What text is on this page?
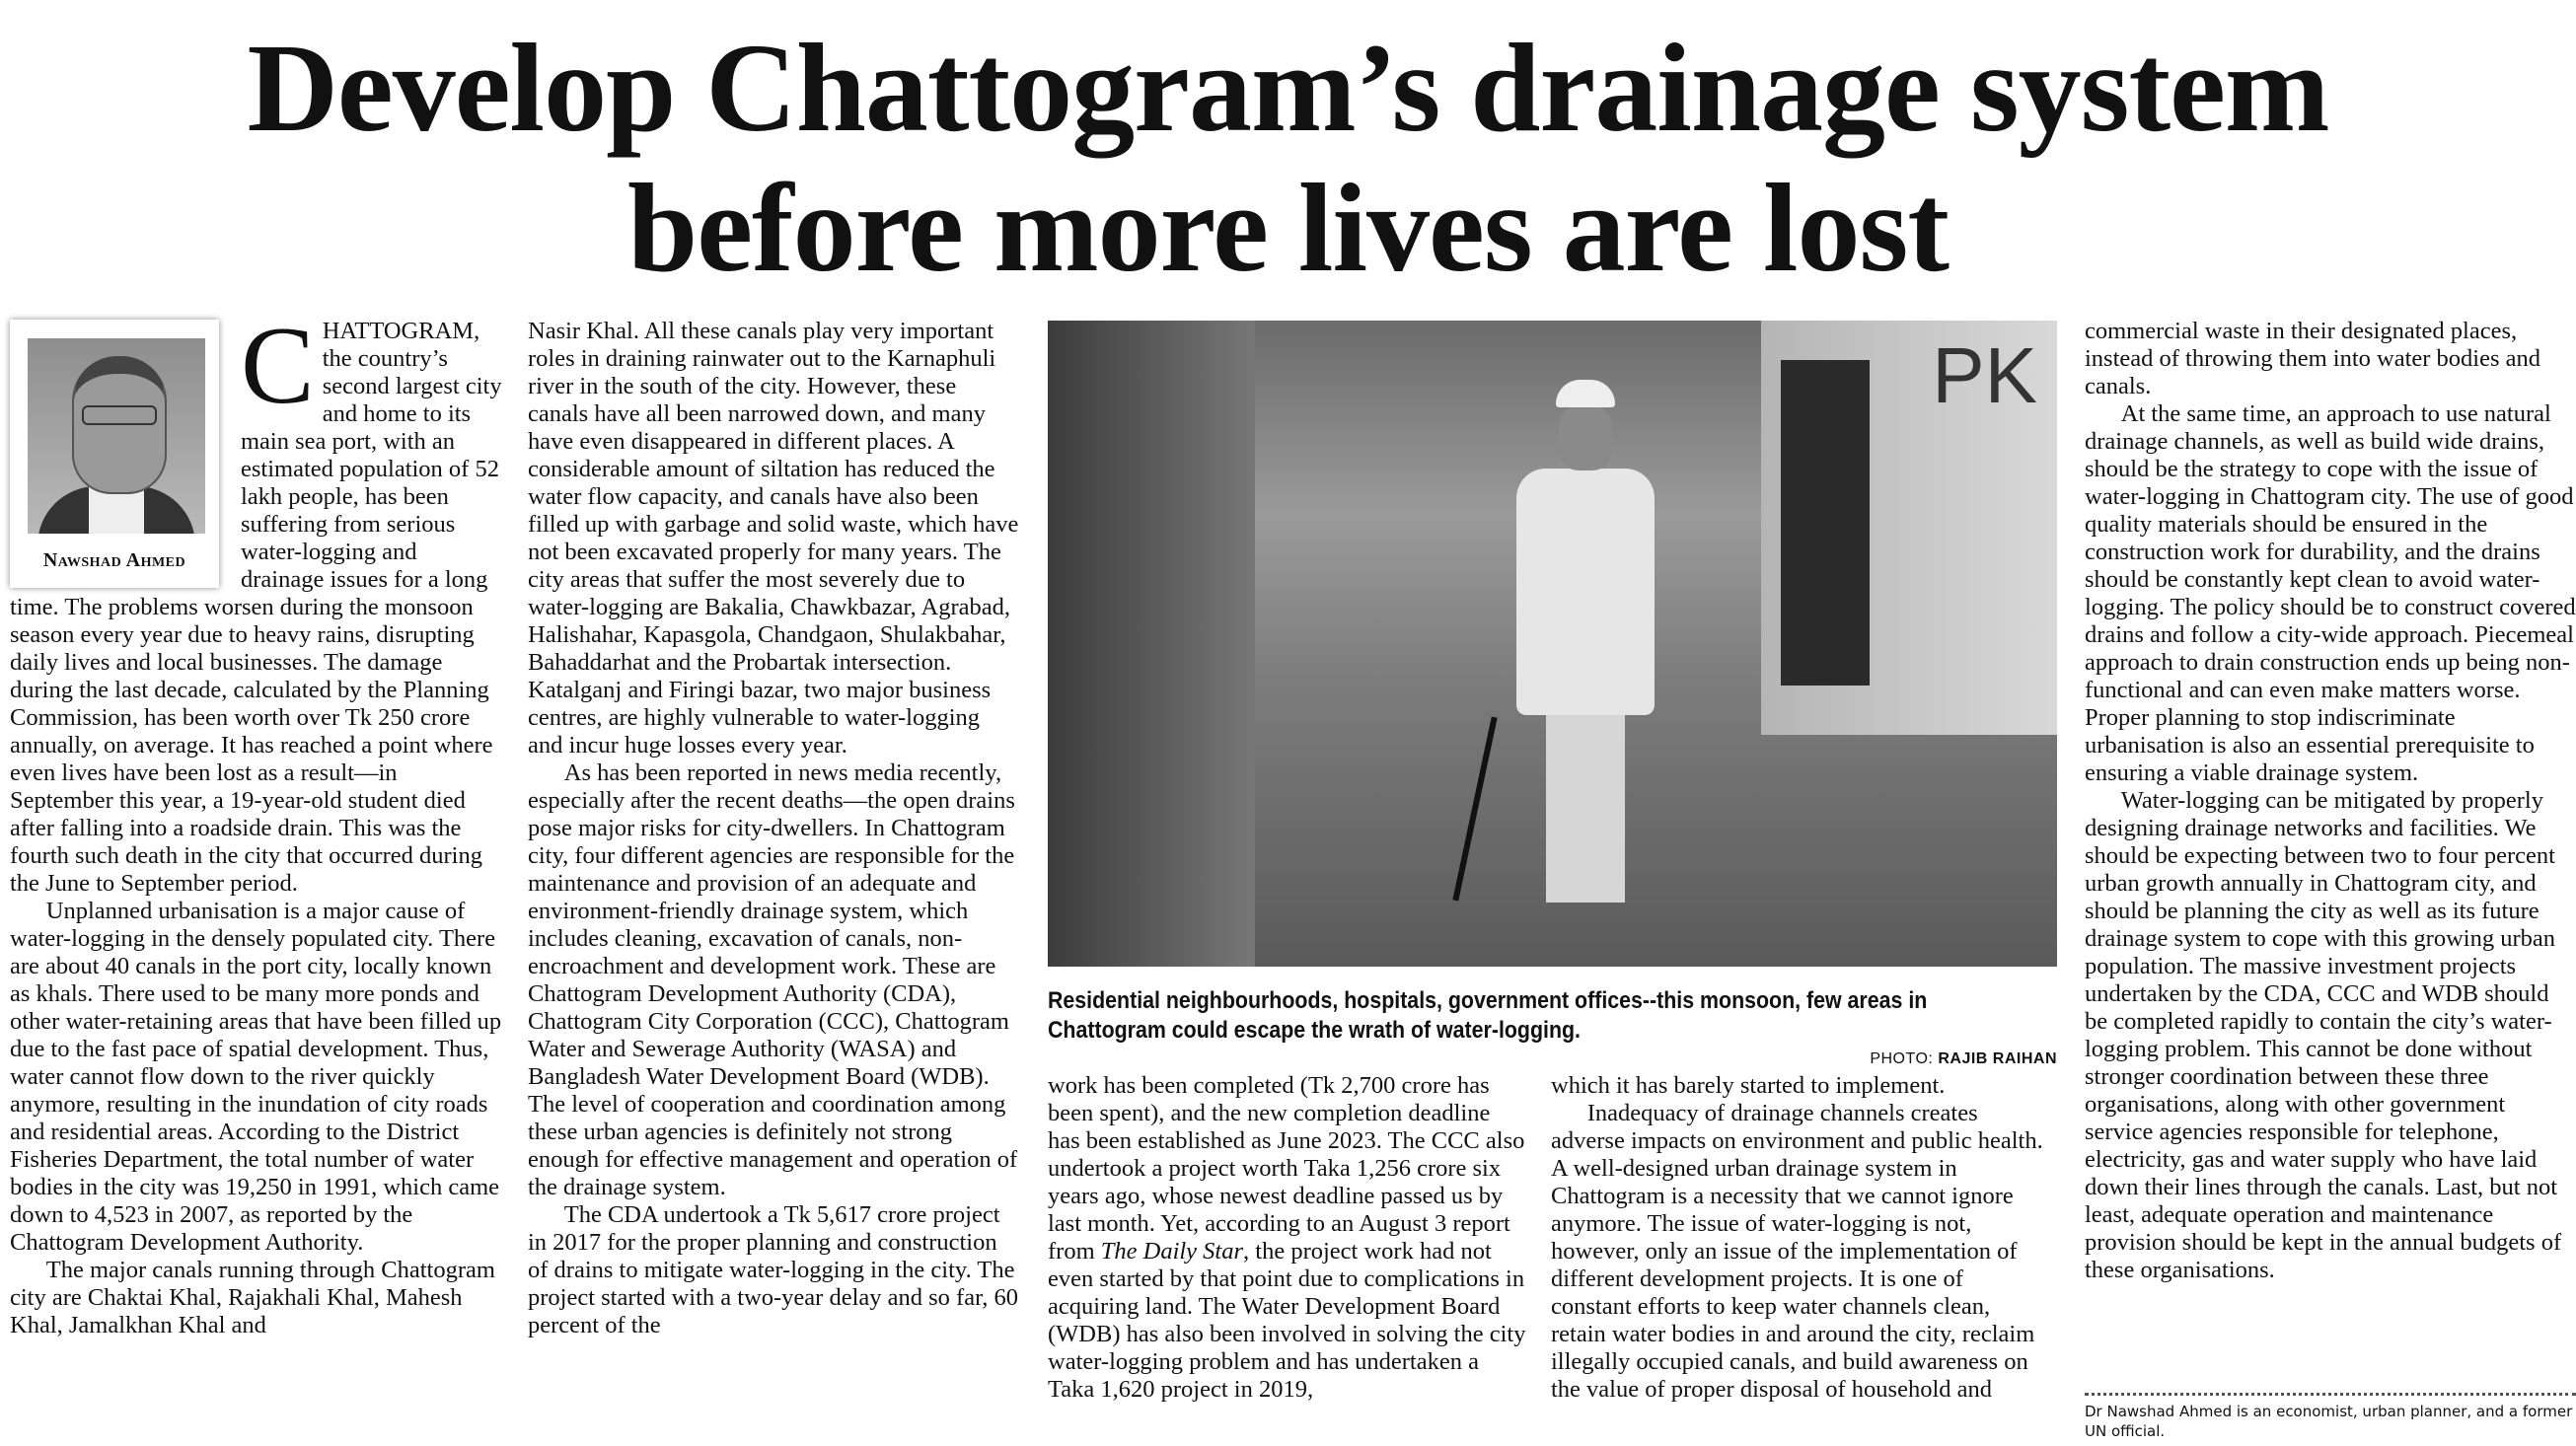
Develop Chattogram’s drainage system
before more lives are lost
Nawshad Ahmed

CHATTOGRAM, the country’s second largest city and home to its main sea port, with an estimated population of 52 lakh people, has been suffering from serious water-logging and drainage issues for a long time. The problems worsen during the monsoon season every year due to heavy rains, disrupting daily lives and local businesses. The damage during the last decade, calculated by the Planning Commission, has been worth over Tk 250 crore annually, on average. It has reached a point where even lives have been lost as a result—in September this year, a 19-year-old student died after falling into a roadside drain. This was the fourth such death in the city that occurred during the June to September period.

Unplanned urbanisation is a major cause of water-logging in the densely populated city. There are about 40 canals in the port city, locally known as khals. There used to be many more ponds and other water-retaining areas that have been filled up due to the fast pace of spatial development. Thus, water cannot flow down to the river quickly anymore, resulting in the inundation of city roads and residential areas. According to the District Fisheries Department, the total number of water bodies in the city was 19,250 in 1991, which came down to 4,523 in 2007, as reported by the Chattogram Development Authority.

The major canals running through Chattogram city are Chaktai Khal, Rajakhali Khal, Mahesh Khal, Jamalkhan Khal and

Nasir Khal. All these canals play very important roles in draining rainwater out to the Karnaphuli river in the south of the city. However, these canals have all been narrowed down, and many have even disappeared in different places. A considerable amount of siltation has reduced the water flow capacity, and canals have also been filled up with garbage and solid waste, which have not been excavated properly for many years. The city areas that suffer the most severely due to water-logging are Bakalia, Chawkbazar, Agrabad, Halishahar, Kapasgola, Chandgaon, Shulakbahar, Bahaddarhat and the Probartak intersection. Katalganj and Firingi bazar, two major business centres, are highly vulnerable to water-logging and incur huge losses every year.

As has been reported in news media recently, especially after the recent deaths—the open drains pose major risks for city-dwellers. In Chattogram city, four different agencies are responsible for the maintenance and provision of an adequate and environment-friendly drainage system, which includes cleaning, excavation of canals, non-encroachment and development work. These are Chattogram Development Authority (CDA), Chattogram City Corporation (CCC), Chattogram Water and Sewerage Authority (WASA) and Bangladesh Water Development Board (WDB). The level of cooperation and coordination among these urban agencies is definitely not strong enough for effective management and operation of the drainage system.

The CDA undertook a Tk 5,617 crore project in 2017 for the proper planning and construction of drains to mitigate water-logging in the city. The project started with a two-year delay and so far, 60 percent of the

PK
Residential neighbourhoods, hospitals, government offices--this monsoon, few areas in Chattogram could escape the wrath of water-logging.
PHOTO: RAJIB RAIHAN

work has been completed (Tk 2,700 crore has been spent), and the new completion deadline has been established as June 2023. The CCC also undertook a project worth Taka 1,256 crore six years ago, whose newest deadline passed us by last month. Yet, according to an August 3 report from The Daily Star, the project work had not even started by that point due to complications in acquiring land. The Water Development Board (WDB) has also been involved in solving the city water-logging problem and has undertaken a Taka 1,620 project in 2019,

which it has barely started to implement.

Inadequacy of drainage channels creates adverse impacts on environment and public health. A well-designed urban drainage system in Chattogram is a necessity that we cannot ignore anymore. The issue of water-logging is not, however, only an issue of the implementation of different development projects. It is one of constant efforts to keep water channels clean, retain water bodies in and around the city, reclaim illegally occupied canals, and build awareness on the value of proper disposal of household and

commercial waste in their designated places, instead of throwing them into water bodies and canals.

At the same time, an approach to use natural drainage channels, as well as build wide drains, should be the strategy to cope with the issue of water-logging in Chattogram city. The use of good quality materials should be ensured in the construction work for durability, and the drains should be constantly kept clean to avoid water-logging. The policy should be to construct covered drains and follow a city-wide approach. Piecemeal approach to drain construction ends up being non-functional and can even make matters worse. Proper planning to stop indiscriminate urbanisation is also an essential prerequisite to ensuring a viable drainage system.

Water-logging can be mitigated by properly designing drainage networks and facilities. We should be expecting between two to four percent urban growth annually in Chattogram city, and should be planning the city as well as its future drainage system to cope with this growing urban population. The massive investment projects undertaken by the CDA, CCC and WDB should be completed rapidly to contain the city’s water-logging problem. This cannot be done without stronger coordination between these three organisations, along with other government service agencies responsible for telephone, electricity, gas and water supply who have laid down their lines through the canals. Last, but not least, adequate operation and maintenance provision should be kept in the annual budgets of these organisations.

Dr Nawshad Ahmed is an economist, urban planner, and a former UN official.
